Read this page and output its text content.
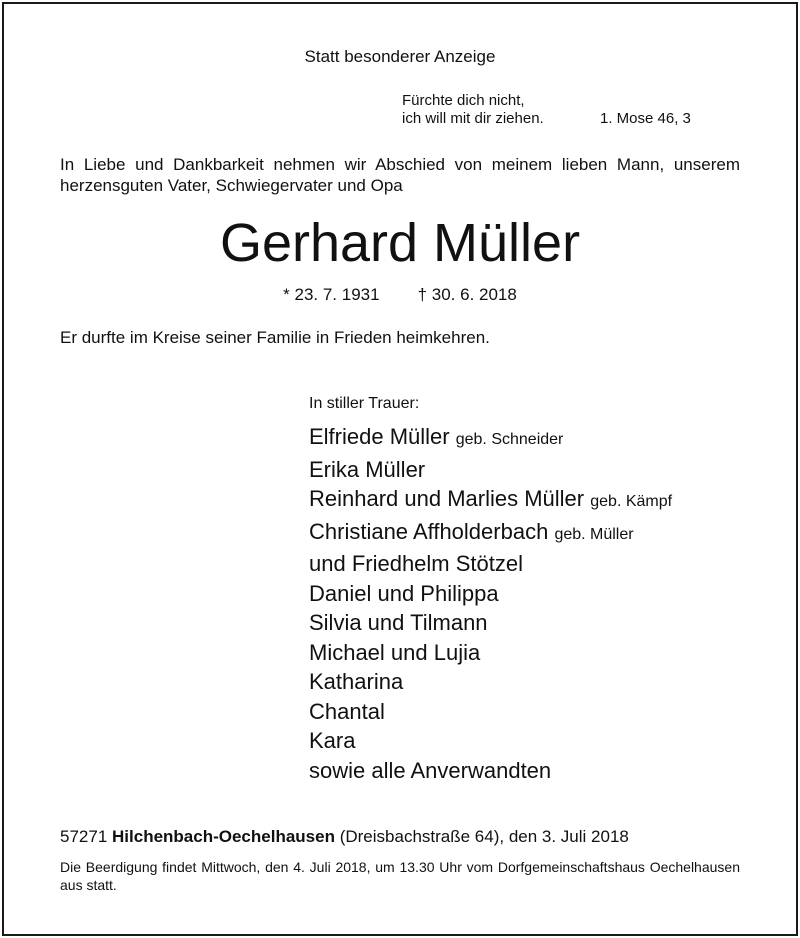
Statt besonderer Anzeige
Fürchte dich nicht,
ich will mit dir ziehen.	1. Mose 46, 3
In Liebe und Dankbarkeit nehmen wir Abschied von meinem lieben Mann, unserem herzensguten Vater, Schwiegervater und Opa
Gerhard Müller
* 23. 7. 1931 † 30. 6. 2018
Er durfte im Kreise seiner Familie in Frieden heimkehren.
In stiller Trauer:
Elfriede Müller geb. Schneider
Erika Müller
Reinhard und Marlies Müller geb. Kämpf
Christiane Affholderbach geb. Müller
und Friedhelm Stötzel
Daniel und Philippa
Silvia und Tilmann
Michael und Lujia
Katharina
Chantal
Kara
sowie alle Anverwandten
57271 Hilchenbach-Oechelhausen (Dreisbachstraße 64), den 3. Juli 2018
Die Beerdigung findet Mittwoch, den 4. Juli 2018, um 13.30 Uhr vom Dorfgemeinschaftshaus Oechelhausen aus statt.
